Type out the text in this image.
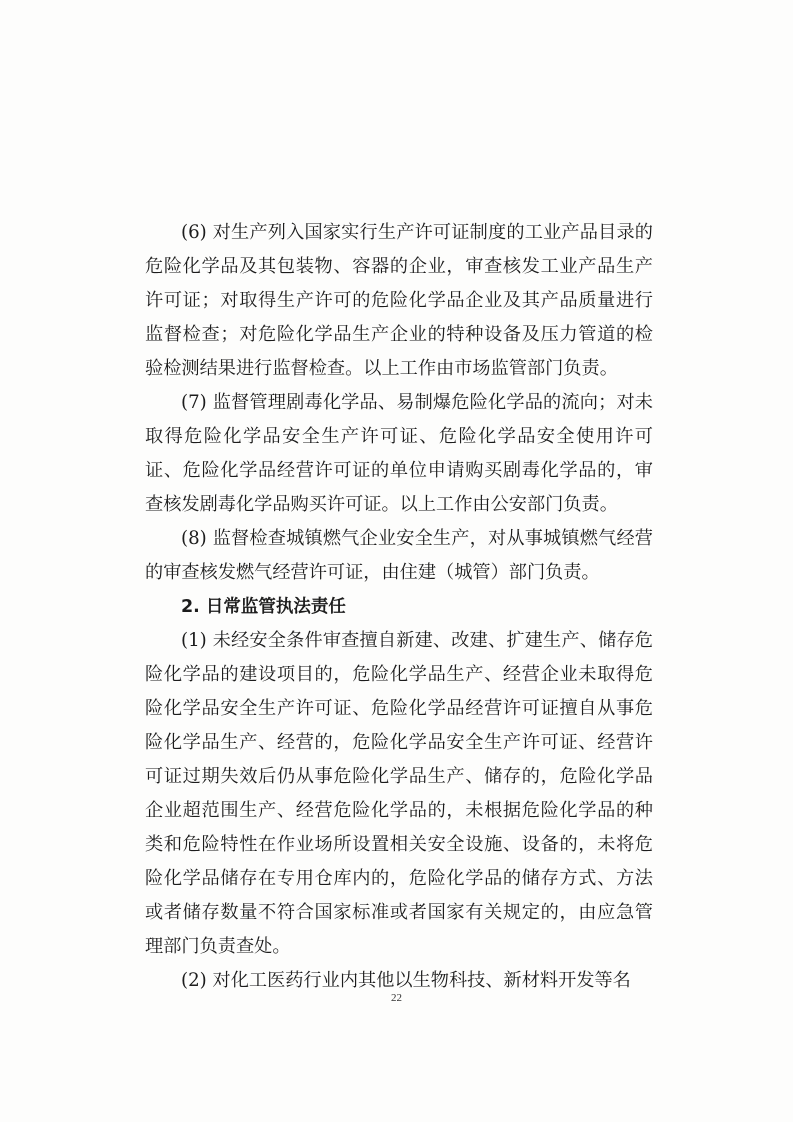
(6) 对生产列入国家实行生产许可证制度的工业产品目录的危险化学品及其包装物、容器的企业，审查核发工业产品生产许可证；对取得生产许可的危险化学品企业及其产品质量进行监督检查；对危险化学品生产企业的特种设备及压力管道的检验检测结果进行监督检查。以上工作由市场监管部门负责。

(7) 监督管理剧毒化学品、易制爆危险化学品的流向；对未取得危险化学品安全生产许可证、危险化学品安全使用许可证、危险化学品经营许可证的单位申请购买剧毒化学品的，审查核发剧毒化学品购买许可证。以上工作由公安部门负责。

(8) 监督检查城镇燃气企业安全生产，对从事城镇燃气经营的审查核发燃气经营许可证，由住建（城管）部门负责。

2. 日常监管执法责任

(1) 未经安全条件审查擅自新建、改建、扩建生产、储存危险化学品的建设项目的，危险化学品生产、经营企业未取得危险化学品安全生产许可证、危险化学品经营许可证擅自从事危险化学品生产、经营的，危险化学品安全生产许可证、经营许可证过期失效后仍从事危险化学品生产、储存的，危险化学品企业超范围生产、经营危险化学品的，未根据危险化学品的种类和危险特性在作业场所设置相关安全设施、设备的，未将危险化学品储存在专用仓库内的，危险化学品的储存方式、方法或者储存数量不符合国家标准或者国家有关规定的，由应急管理部门负责查处。

(2) 对化工医药行业内其他以生物科技、新材料开发等名

22
